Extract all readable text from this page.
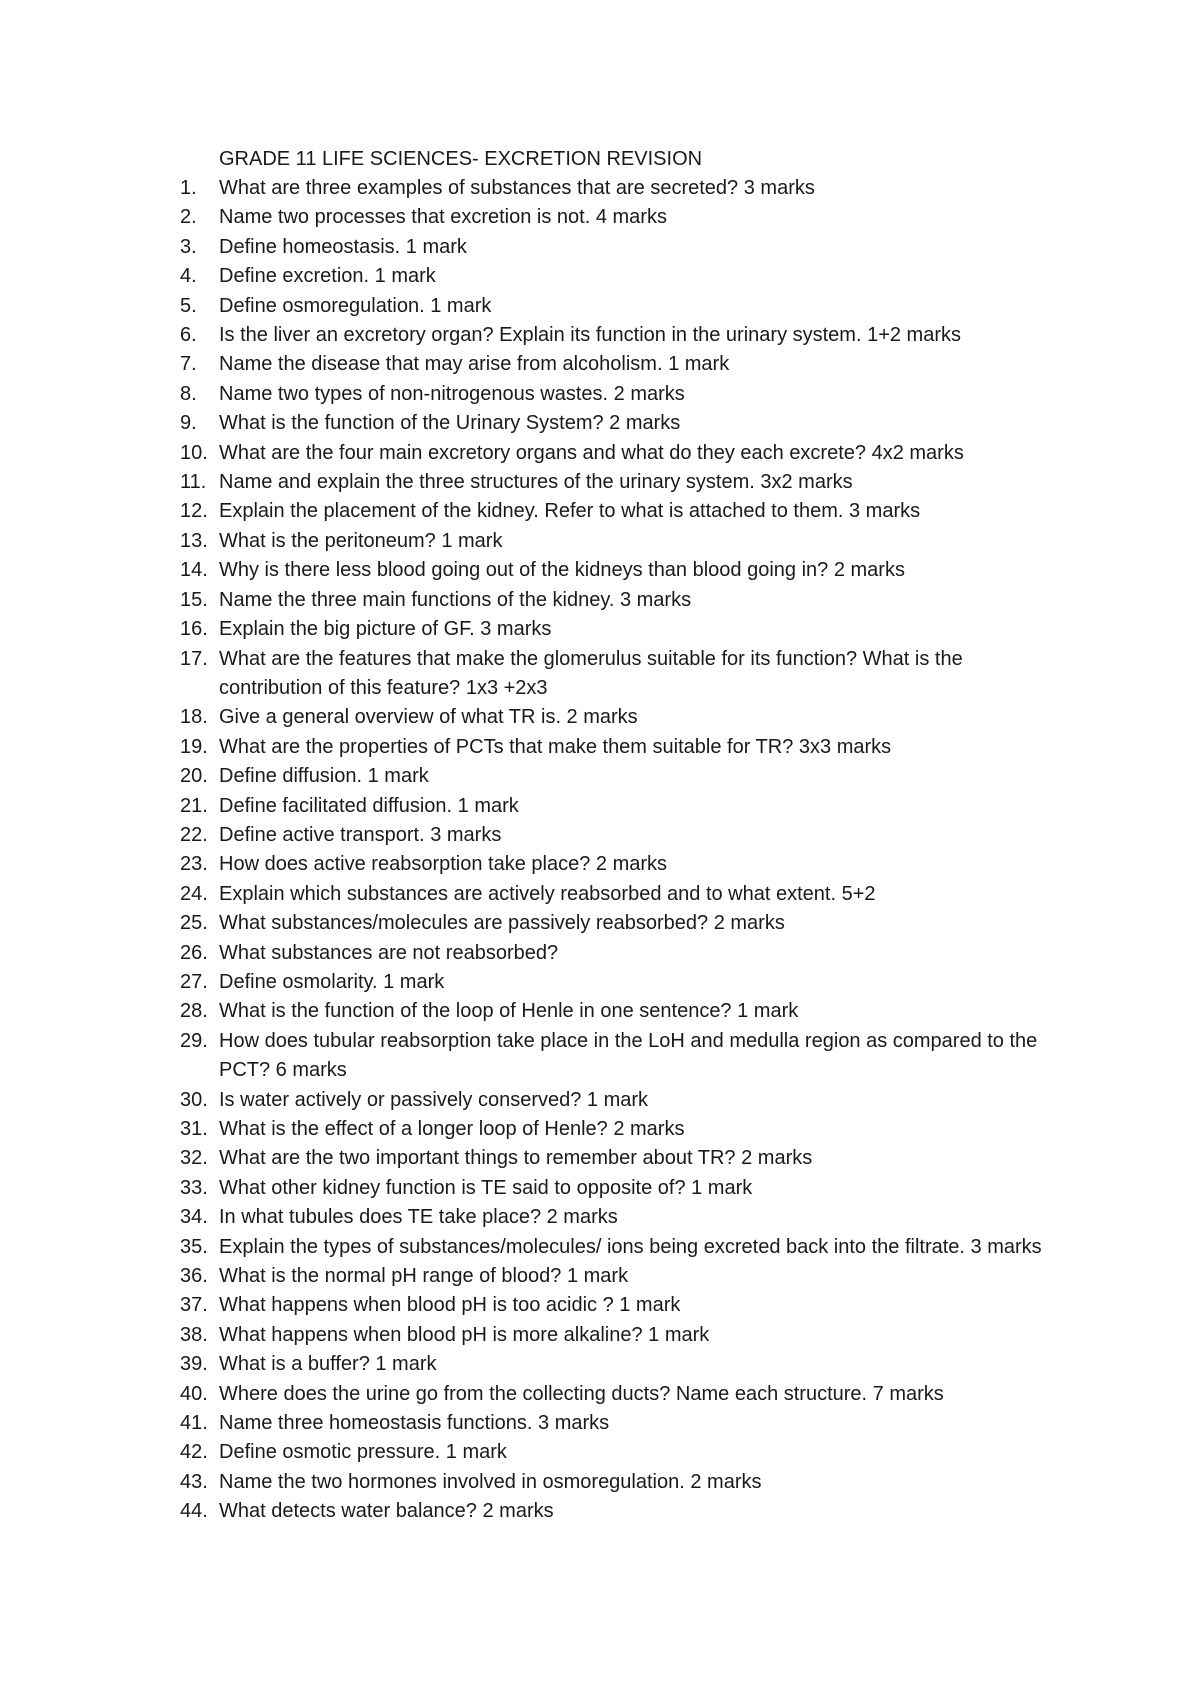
GRADE 11 LIFE SCIENCES- EXCRETION REVISION
1.	What are three examples of substances that are secreted? 3 marks
2.	Name two processes that excretion is not. 4 marks
3.	Define homeostasis. 1 mark
4.	Define excretion. 1 mark
5.	Define osmoregulation. 1 mark
6.	Is the liver an excretory organ? Explain its function in the urinary system. 1+2 marks
7.	Name the disease that may arise from alcoholism. 1 mark
8.	Name two types of non-nitrogenous wastes. 2 marks
9.	What is the function of the Urinary System? 2 marks
10. What are the four main excretory organs and what do they each excrete? 4x2 marks
11. Name and explain the three structures of the urinary system. 3x2 marks
12. Explain the placement of the kidney. Refer to what is attached to them. 3 marks
13. What is the peritoneum? 1 mark
14. Why is there less blood going out of the kidneys than blood going in? 2 marks
15. Name the three main functions of the kidney. 3 marks
16. Explain the big picture of GF. 3 marks
17. What are the features that make the glomerulus suitable for its function? What is the contribution of this feature? 1x3 +2x3
18. Give a general overview of what TR is. 2 marks
19. What are the properties of PCTs that make them suitable for TR? 3x3 marks
20. Define diffusion. 1 mark
21. Define facilitated diffusion. 1 mark
22. Define active transport. 3 marks
23. How does active reabsorption take place? 2 marks
24. Explain which substances are actively reabsorbed and to what extent. 5+2
25. What substances/molecules are passively reabsorbed? 2 marks
26. What substances are not reabsorbed?
27. Define osmolarity. 1 mark
28. What is the function of the loop of Henle in one sentence? 1 mark
29. How does tubular reabsorption take place in the LoH and medulla region as compared to the PCT? 6 marks
30. Is water actively or passively conserved? 1 mark
31. What is the effect of a longer loop of Henle? 2 marks
32. What are the two important things to remember about TR? 2 marks
33. What other kidney function is TE said to opposite of? 1 mark
34. In what tubules does TE take place? 2 marks
35. Explain the types of substances/molecules/ ions being excreted back into the filtrate. 3 marks
36. What is the normal pH range of blood? 1 mark
37. What happens when blood pH is too acidic ? 1 mark
38. What happens when blood pH is more alkaline? 1 mark
39. What is a buffer? 1 mark
40. Where does the urine go from the collecting ducts? Name each structure. 7 marks
41. Name three homeostasis functions. 3 marks
42. Define osmotic pressure. 1 mark
43. Name the two hormones involved in osmoregulation. 2 marks
44. What detects water balance? 2 marks
